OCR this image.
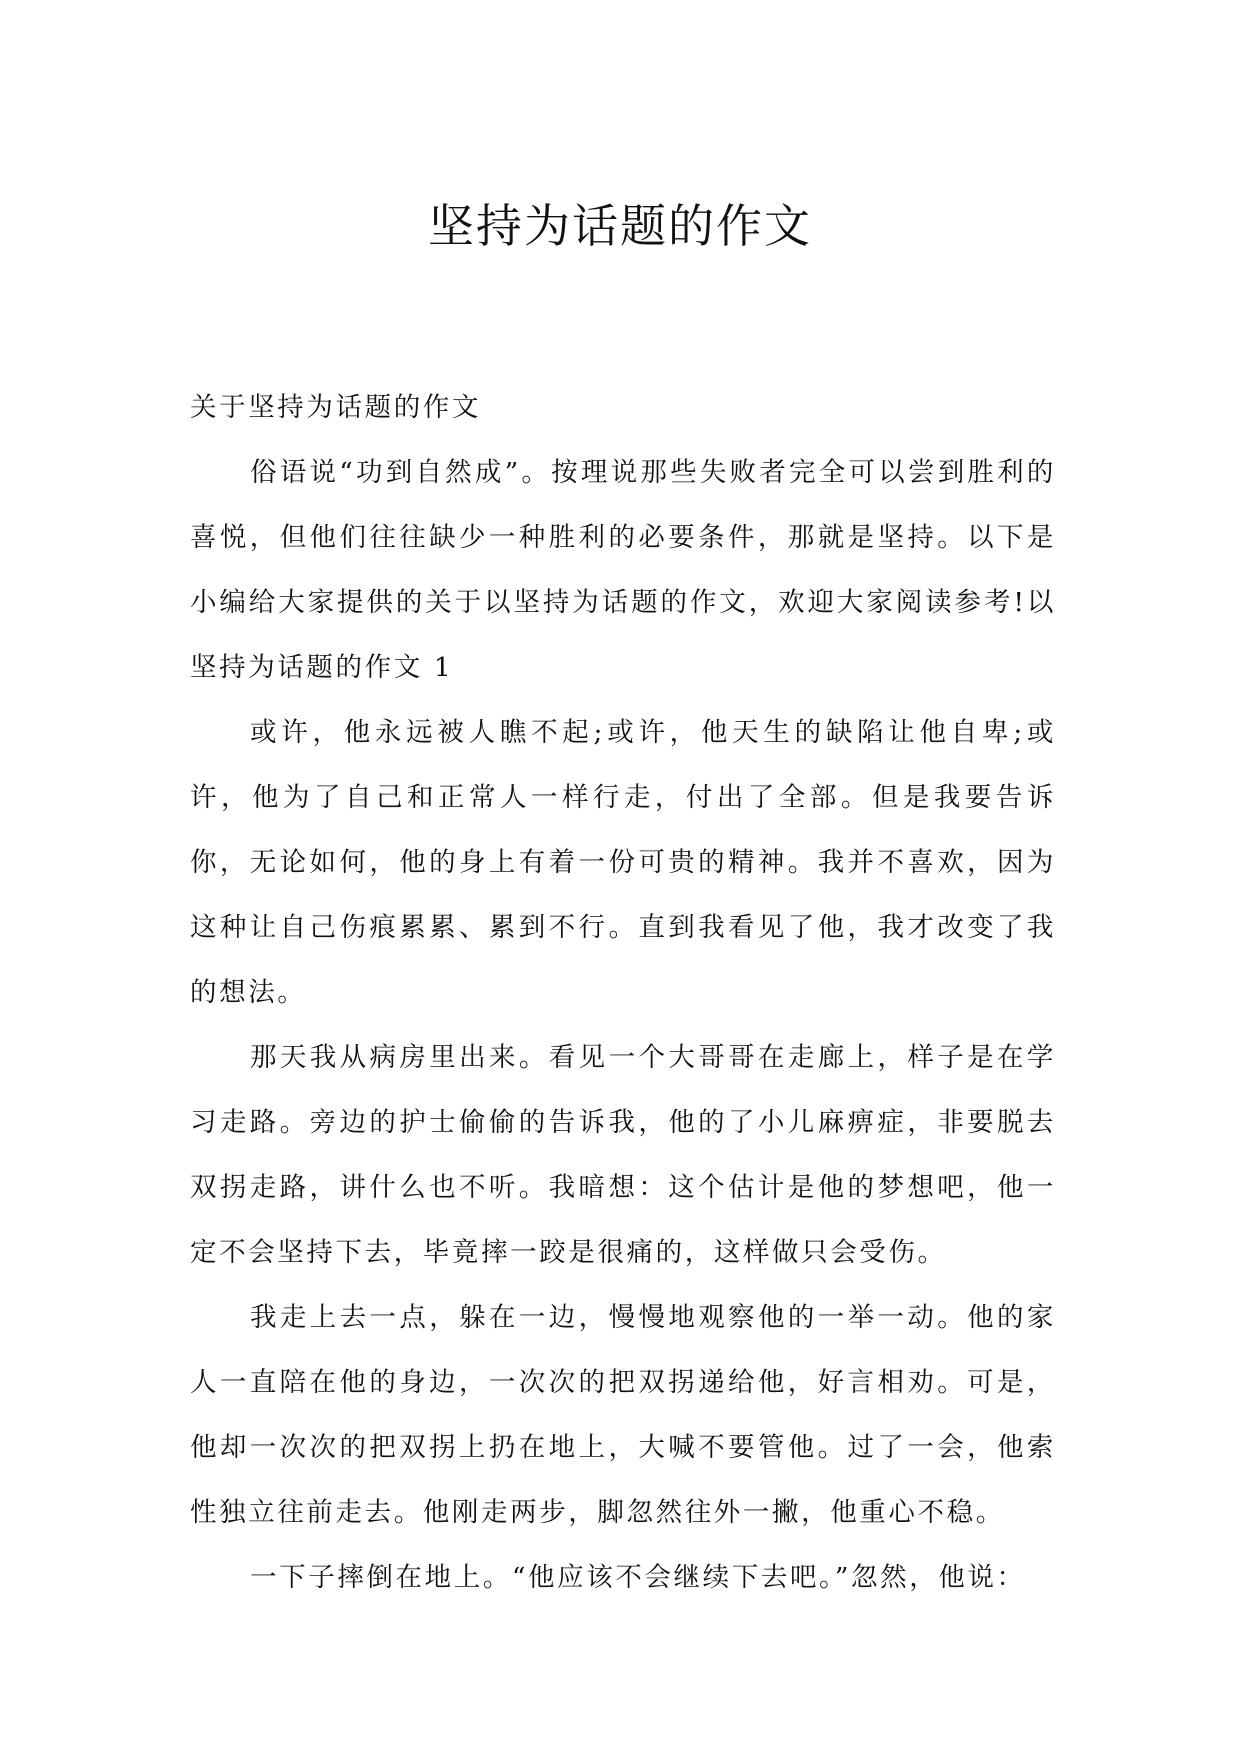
坚持为话题的作文

关于坚持为话题的作文

俗语说“功到自然成”。按理说那些失败者完全可以尝到胜利的喜悦，但他们往往缺少一种胜利的必要条件，那就是坚持。以下是小编给大家提供的关于以坚持为话题的作文，欢迎大家阅读参考!以坚持为话题的作文 1

或许，他永远被人瞧不起;或许，他天生的缺陷让他自卑;或许，他为了自己和正常人一样行走，付出了全部。但是我要告诉你，无论如何，他的身上有着一份可贵的精神。我并不喜欢，因为这种让自己伤痕累累、累到不行。直到我看见了他，我才改变了我的想法。

那天我从病房里出来。看见一个大哥哥在走廊上，样子是在学习走路。旁边的护士偷偷的告诉我，他的了小儿麻痹症，非要脱去双拐走路，讲什么也不听。我暗想：这个估计是他的梦想吧，他一定不会坚持下去，毕竟摔一跤是很痛的，这样做只会受伤。

我走上去一点，躲在一边，慢慢地观察他的一举一动。他的家人一直陪在他的身边，一次次的把双拐递给他，好言相劝。可是，他却一次次的把双拐上扔在地上，大喊不要管他。过了一会，他索性独立往前走去。他刚走两步，脚忽然往外一撇，他重心不稳。

一下子摔倒在地上。“他应该不会继续下去吧。”忽然，他说：
